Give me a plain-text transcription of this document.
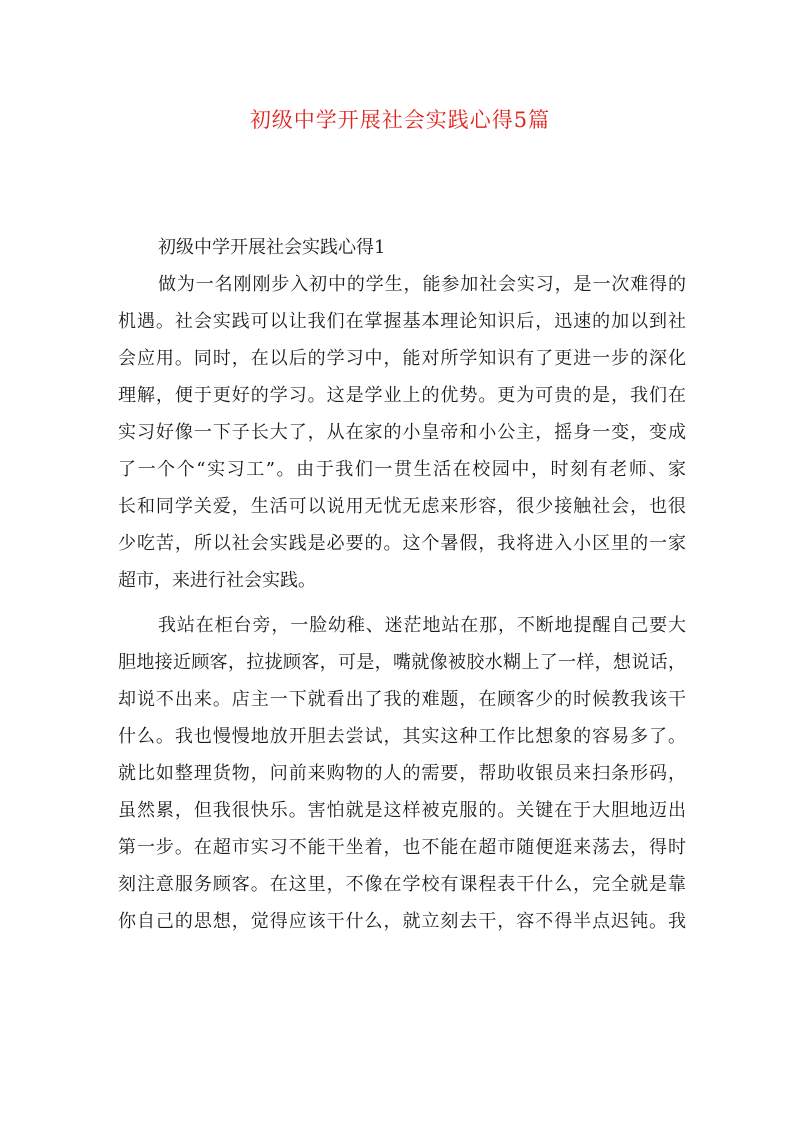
初级中学开展社会实践心得5篇
初级中学开展社会实践心得1
做为一名刚刚步入初中的学生，能参加社会实习，是一次难得的
机遇。社会实践可以让我们在掌握基本理论知识后，迅速的加以到社
会应用。同时，在以后的学习中，能对所学知识有了更进一步的深化
理解，便于更好的学习。这是学业上的优势。更为可贵的是，我们在
实习好像一下子长大了，从在家的小皇帝和小公主，摇身一变，变成
了一个个“实习工”。由于我们一贯生活在校园中，时刻有老师、家
长和同学关爱，生活可以说用无忧无虑来形容，很少接触社会，也很
少吃苦，所以社会实践是必要的。这个暑假，我将进入小区里的一家
超市，来进行社会实践。
我站在柜台旁，一脸幼稚、迷茫地站在那，不断地提醒自己要大
胆地接近顾客，拉拢顾客，可是，嘴就像被胶水糊上了一样，想说话，
却说不出来。店主一下就看出了我的难题，在顾客少的时候教我该干
什么。我也慢慢地放开胆去尝试，其实这种工作比想象的容易多了。
就比如整理货物，问前来购物的人的需要，帮助收银员来扫条形码，
虽然累，但我很快乐。害怕就是这样被克服的。关键在于大胆地迈出
第一步。在超市实习不能干坐着，也不能在超市随便逛来荡去，得时
刻注意服务顾客。在这里，不像在学校有课程表干什么，完全就是靠
你自己的思想，觉得应该干什么，就立刻去干，容不得半点迟钝。我
